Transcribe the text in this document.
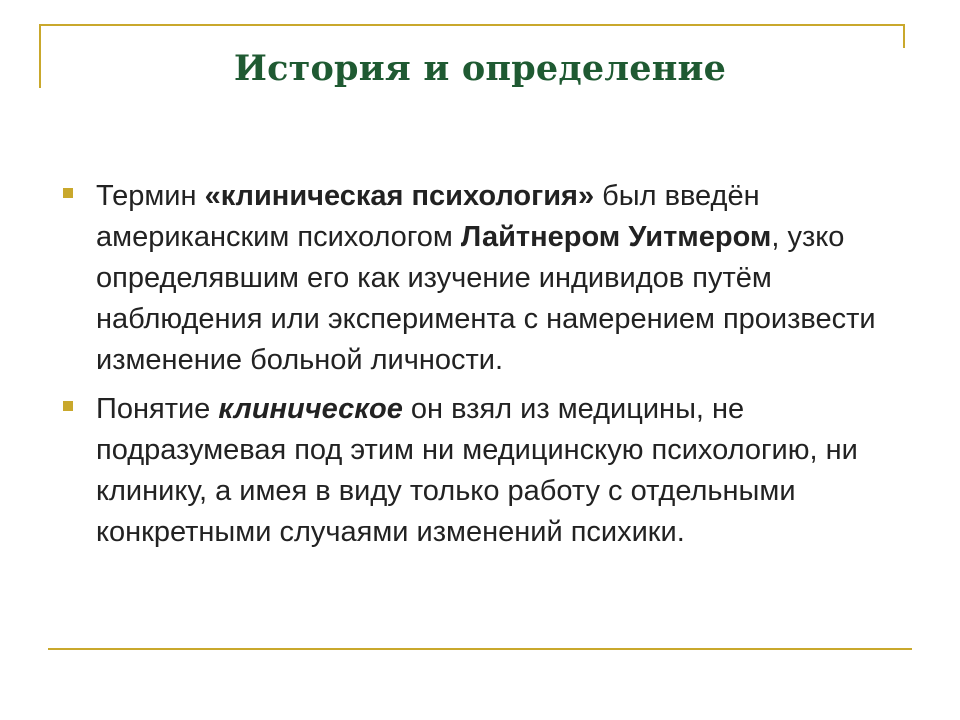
История и определение
Термин «клиническая психология» был введён американским психологом Лайтнером Уитмером, узко определявшим его как изучение индивидов путём наблюдения или эксперимента с намерением произвести изменение больной личности.
Понятие клиническое он взял из медицины, не подразумевая под этим ни медицинскую психологию, ни клинику, а имея в виду только работу с отдельными конкретными случаями изменений психики.
